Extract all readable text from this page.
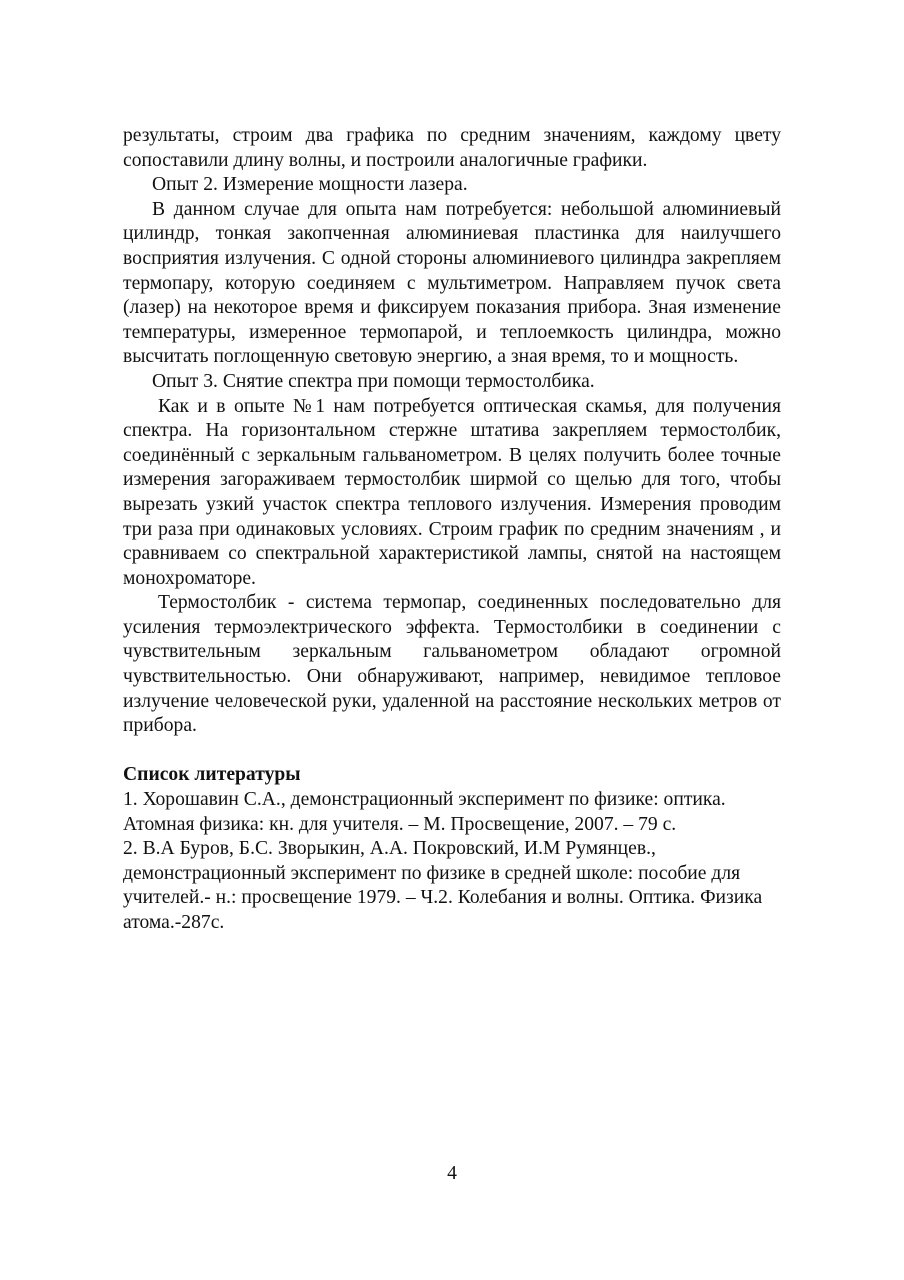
результаты, строим два графика по средним значениям, каждому цвету сопоставили длину волны, и построили аналогичные графики.

Опыт 2. Измерение мощности лазера.

В данном случае для опыта нам потребуется: небольшой алюминиевый цилиндр, тонкая закопченная алюминиевая пластинка для наилучшего восприятия излучения. С одной стороны алюминиевого цилиндра закрепляем термопару, которую соединяем с мультиметром. Направляем пучок света (лазер) на некоторое время и фиксируем показания прибора. Зная изменение температуры, измеренное термопарой, и теплоемкость цилиндра, можно высчитать поглощенную световую энергию, а зная время, то и мощность.

Опыт 3. Снятие спектра при помощи термостолбика.

Как и в опыте №1 нам потребуется оптическая скамья, для получения спектра. На горизонтальном стержне штатива закрепляем термостолбик, соединённый с зеркальным гальванометром. В целях получить более точные измерения загораживаем термостолбик ширмой со щелью для того, чтобы вырезать узкий участок спектра теплового излучения. Измерения проводим три раза при одинаковых условиях. Строим график по средним значениям , и сравниваем со спектральной характеристикой лампы, снятой на настоящем монохроматоре.

Термостолбик - система термопар, соединенных последовательно для усиления термоэлектрического эффекта. Термостолбики в соединении с чувствительным зеркальным гальванометром обладают огромной чувствительностью. Они обнаруживают, например, невидимое тепловое излучение человеческой руки, удаленной на расстояние нескольких метров от прибора.

Список литературы

1. Хорошавин С.А., демонстрационный эксперимент по физике: оптика. Атомная физика: кн. для учителя. – М. Просвещение, 2007. – 79 с.

2. В.А Буров, Б.С. Зворыкин, А.А. Покровский, И.М Румянцев., демонстрационный эксперимент по физике в средней школе: пособие для учителей.- н.: просвещение 1979. – Ч.2. Колебания и волны. Оптика. Физика атома.-287с.

4
